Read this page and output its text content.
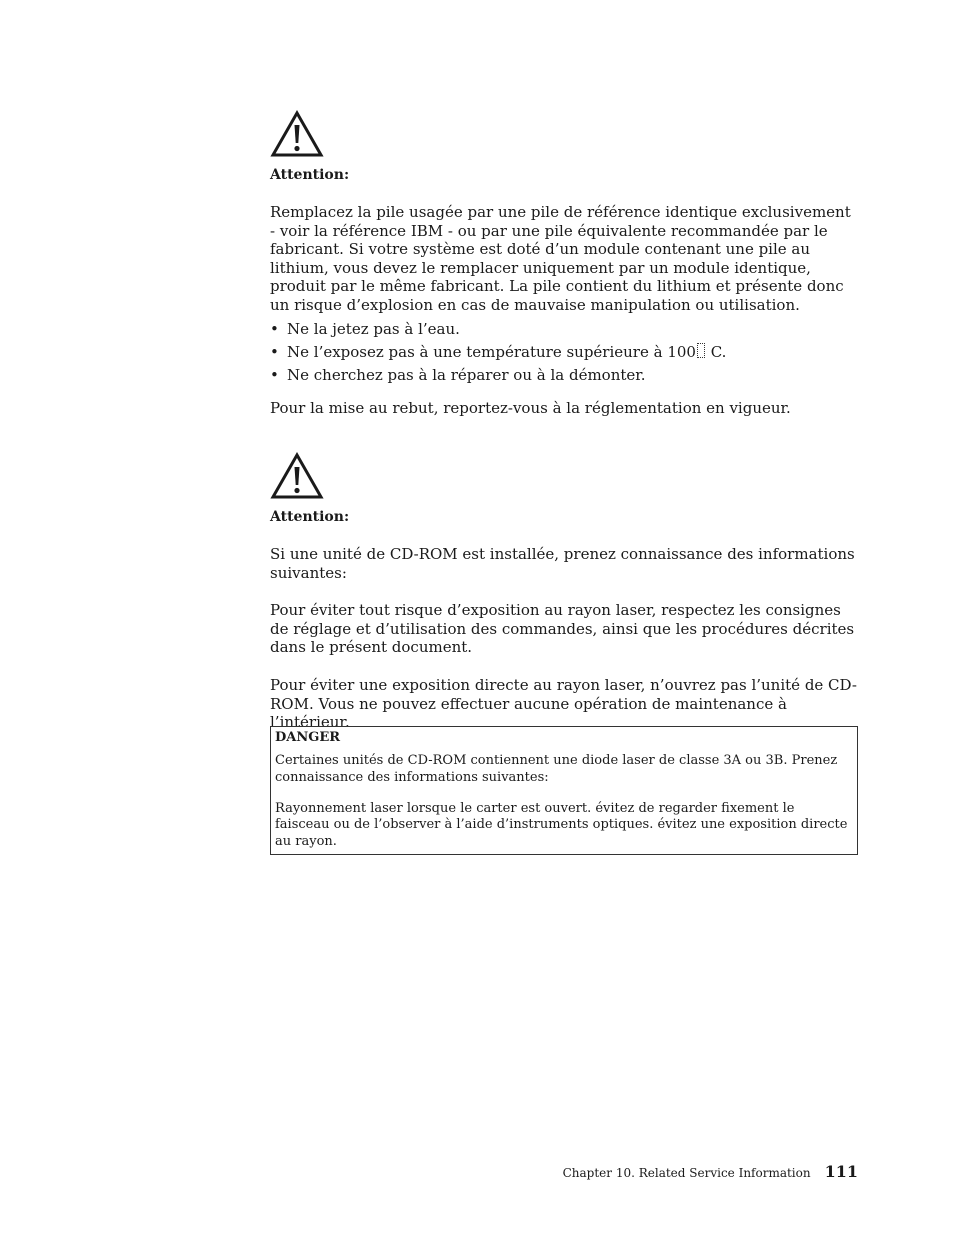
Attention:

Remplacez la pile usagée par une pile de référence identique exclusivement - voir la référence IBM - ou par une pile équivalente recommandée par le fabricant. Si votre système est doté d’un module contenant une pile au lithium, vous devez le remplacer uniquement par un module identique, produit par le même fabricant. La pile contient du lithium et présente donc un risque d’explosion en cas de mauvaise manipulation ou utilisation.

• Ne la jetez pas à l’eau.
• Ne l’exposez pas à une température supérieure à 100 C.
• Ne cherchez pas à la réparer ou à la démonter.

Pour la mise au rebut, reportez-vous à la réglementation en vigueur.

Attention:

Si une unité de CD-ROM est installée, prenez connaissance des informations suivantes:

Pour éviter tout risque d’exposition au rayon laser, respectez les consignes de réglage et d’utilisation des commandes, ainsi que les procédures décrites dans le présent document.

Pour éviter une exposition directe au rayon laser, n’ouvrez pas l’unité de CD-ROM. Vous ne pouvez effectuer aucune opération de maintenance à l’intérieur.

DANGER

Certaines unités de CD-ROM contiennent une diode laser de classe 3A ou 3B. Prenez connaissance des informations suivantes:

Rayonnement laser lorsque le carter est ouvert. évitez de regarder fixement le faisceau ou de l’observer à l’aide d’instruments optiques. évitez une exposition directe au rayon.

Chapter 10. Related Service Information 111
